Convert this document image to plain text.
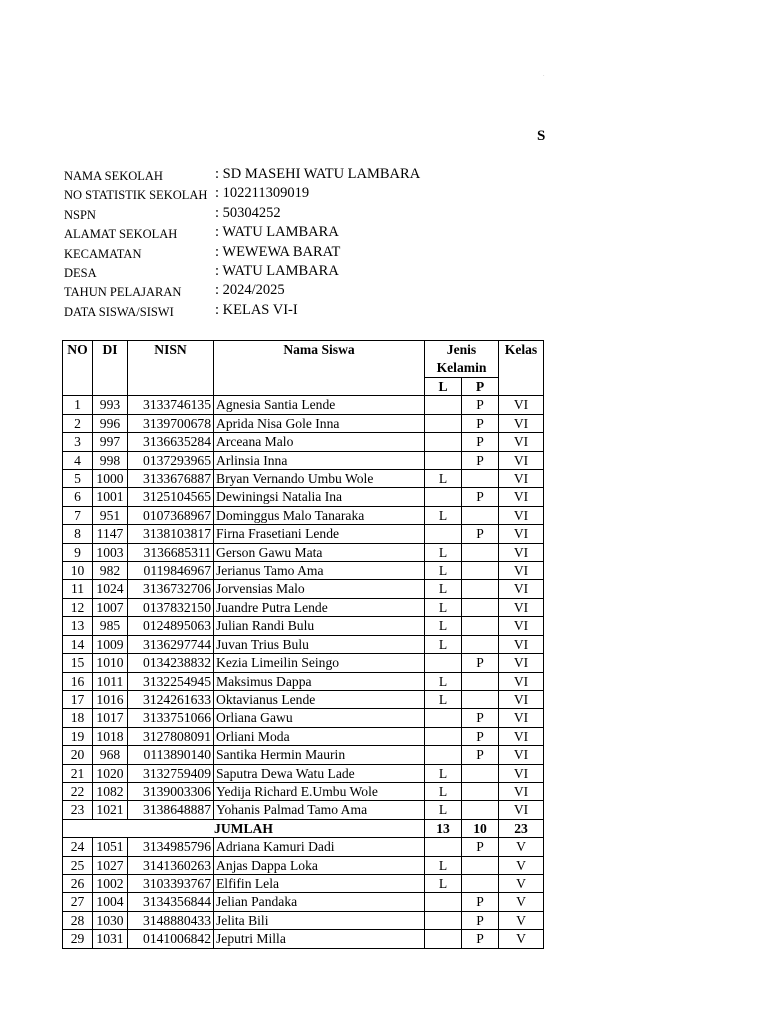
.
S
NAMA SEKOLAH	: SD MASEHI WATU LAMBARA
NO STATISTIK SEKOLAH : 102211309019
NSPN	: 50304252
ALAMAT SEKOLAH	: WATU LAMBARA
KECAMATAN	: WEWEWA BARAT
DESA	: WATU LAMBARA
TAHUN PELAJARAN : 2024/2025
DATA SISWA/SISWI	: KELAS VI-I
NO	DI	NISN	Nama Siswa	Jenis Kelamin		Kelas
				L	P	
1	993	3133746135	Agnesia Santia Lende		P	VI
2	996	3139700678	Aprida Nisa Gole Inna		P	VI
3	997	3136635284	Arceana Malo		P	VI
4	998	0137293965	Arlinsia Inna		P	VI
5	1000	3133676887	Bryan Vernando Umbu Wole	L		VI
6	1001	3125104565	Dewiningsi Natalia Ina		P	VI
7	951	0107368967	Dominggus Malo Tanaraka	L		VI
8	1147	3138103817	Firna Frasetiani Lende		P	VI
9	1003	3136685311	Gerson Gawu Mata	L		VI
10	982	0119846967	Jerianus Tamo Ama	L		VI
11	1024	3136732706	Jorvensias Malo	L		VI
12	1007	0137832150	Juandre Putra Lende	L		VI
13	985	0124895063	Julian Randi Bulu	L		VI
14	1009	3136297744	Juvan Trius Bulu	L		VI
15	1010	0134238832	Kezia Limeilin Seingo		P	VI
16	1011	3132254945	Maksimus Dappa	L		VI
17	1016	3124261633	Oktavianus Lende	L		VI
18	1017	3133751066	Orliana Gawu		P	VI
19	1018	3127808091	Orliani Moda		P	VI
20	968	0113890140	Santika Hermin Maurin		P	VI
21	1020	3132759409	Saputra Dewa Watu Lade	L		VI
22	1082	3139003306	Yedija Richard E.Umbu Wole	L		VI
23	1021	3138648887	Yohanis Palmad Tamo Ama	L		VI
JUMLAH				13	10	23
24	1051	3134985796	Adriana Kamuri Dadi		P	V
25	1027	3141360263	Anjas Dappa Loka	L		V
26	1002	3103393767	Elfifin Lela	L		V
27	1004	3134356844	Jelian Pandaka		P	V
28	1030	3148880433	Jelita Bili		P	V
29	1031	0141006842	Jeputri Milla		P	V
